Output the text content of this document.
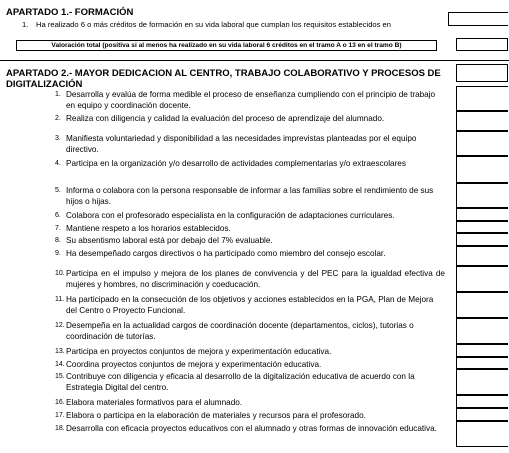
APARTADO 1.- FORMACIÓN
1. Ha realizado 6 o más créditos de formación en su vida laboral que cumplan los requisitos establecidos en
Valoración total (positiva si al menos ha realizado en su vida laboral 6 créditos en el tramo A o 13 en el tramo B)
APARTADO 2.- MAYOR DEDICACION AL CENTRO, TRABAJO COLABORATIVO Y PROCESOS DE DIGITALIZACIÓN
1. Desarrolla y evalúa de forma medible el proceso de enseñanza cumpliendo con el principio de trabajo en equipo y coordinación docente.
2. Realiza con diligencia y calidad la evaluación del proceso de aprendizaje del alumnado.
3. Manifiesta voluntariedad y disponibilidad a las necesidades imprevistas planteadas por el equipo directivo.
4. Participa en la organización y/o desarrollo de actividades complementarias y/o extraescolares
5. Informa o colabora con la persona responsable de informar a las familias sobre el rendimiento de sus hijos o hijas.
6. Colabora con el profesorado especialista en la configuración de adaptaciones curriculares.
7. Mantiene respeto a los horarios establecidos.
8. Su absentismo laboral está por debajo del 7% evaluable.
9. Ha desempeñado cargos directivos o ha participado como miembro del consejo escolar.
10. Participa en el impulso y mejora de los planes de convivencia y del PEC para la igualdad efectiva de mujeres y hombres, no discriminación y coeducación.
11. Ha participado en la consecución de los objetivos y acciones establecidos en la PGA, Plan de Mejora del Centro o Proyecto Funcional.
12. Desempeña en la actualidad cargos de coordinación docente (departamentos, ciclos), tutorias o coordinación de tutorías.
13. Participa en proyectos conjuntos de mejora y experimentación educativa.
14. Coordina proyectos conjuntos de mejora y experimentación educativa.
15. Contribuye con diligencia y eficacia al desarrollo de la digitalización educativa de acuerdo con la Estrategia Digital del centro.
16. Elabora materiales formativos para el alumnado.
17. Elabora o participa en la elaboración de materiales y recursos para el profesorado.
18. Desarrolla con eficacia proyectos educativos con el alumnado y otras formas de innovación educativa.
